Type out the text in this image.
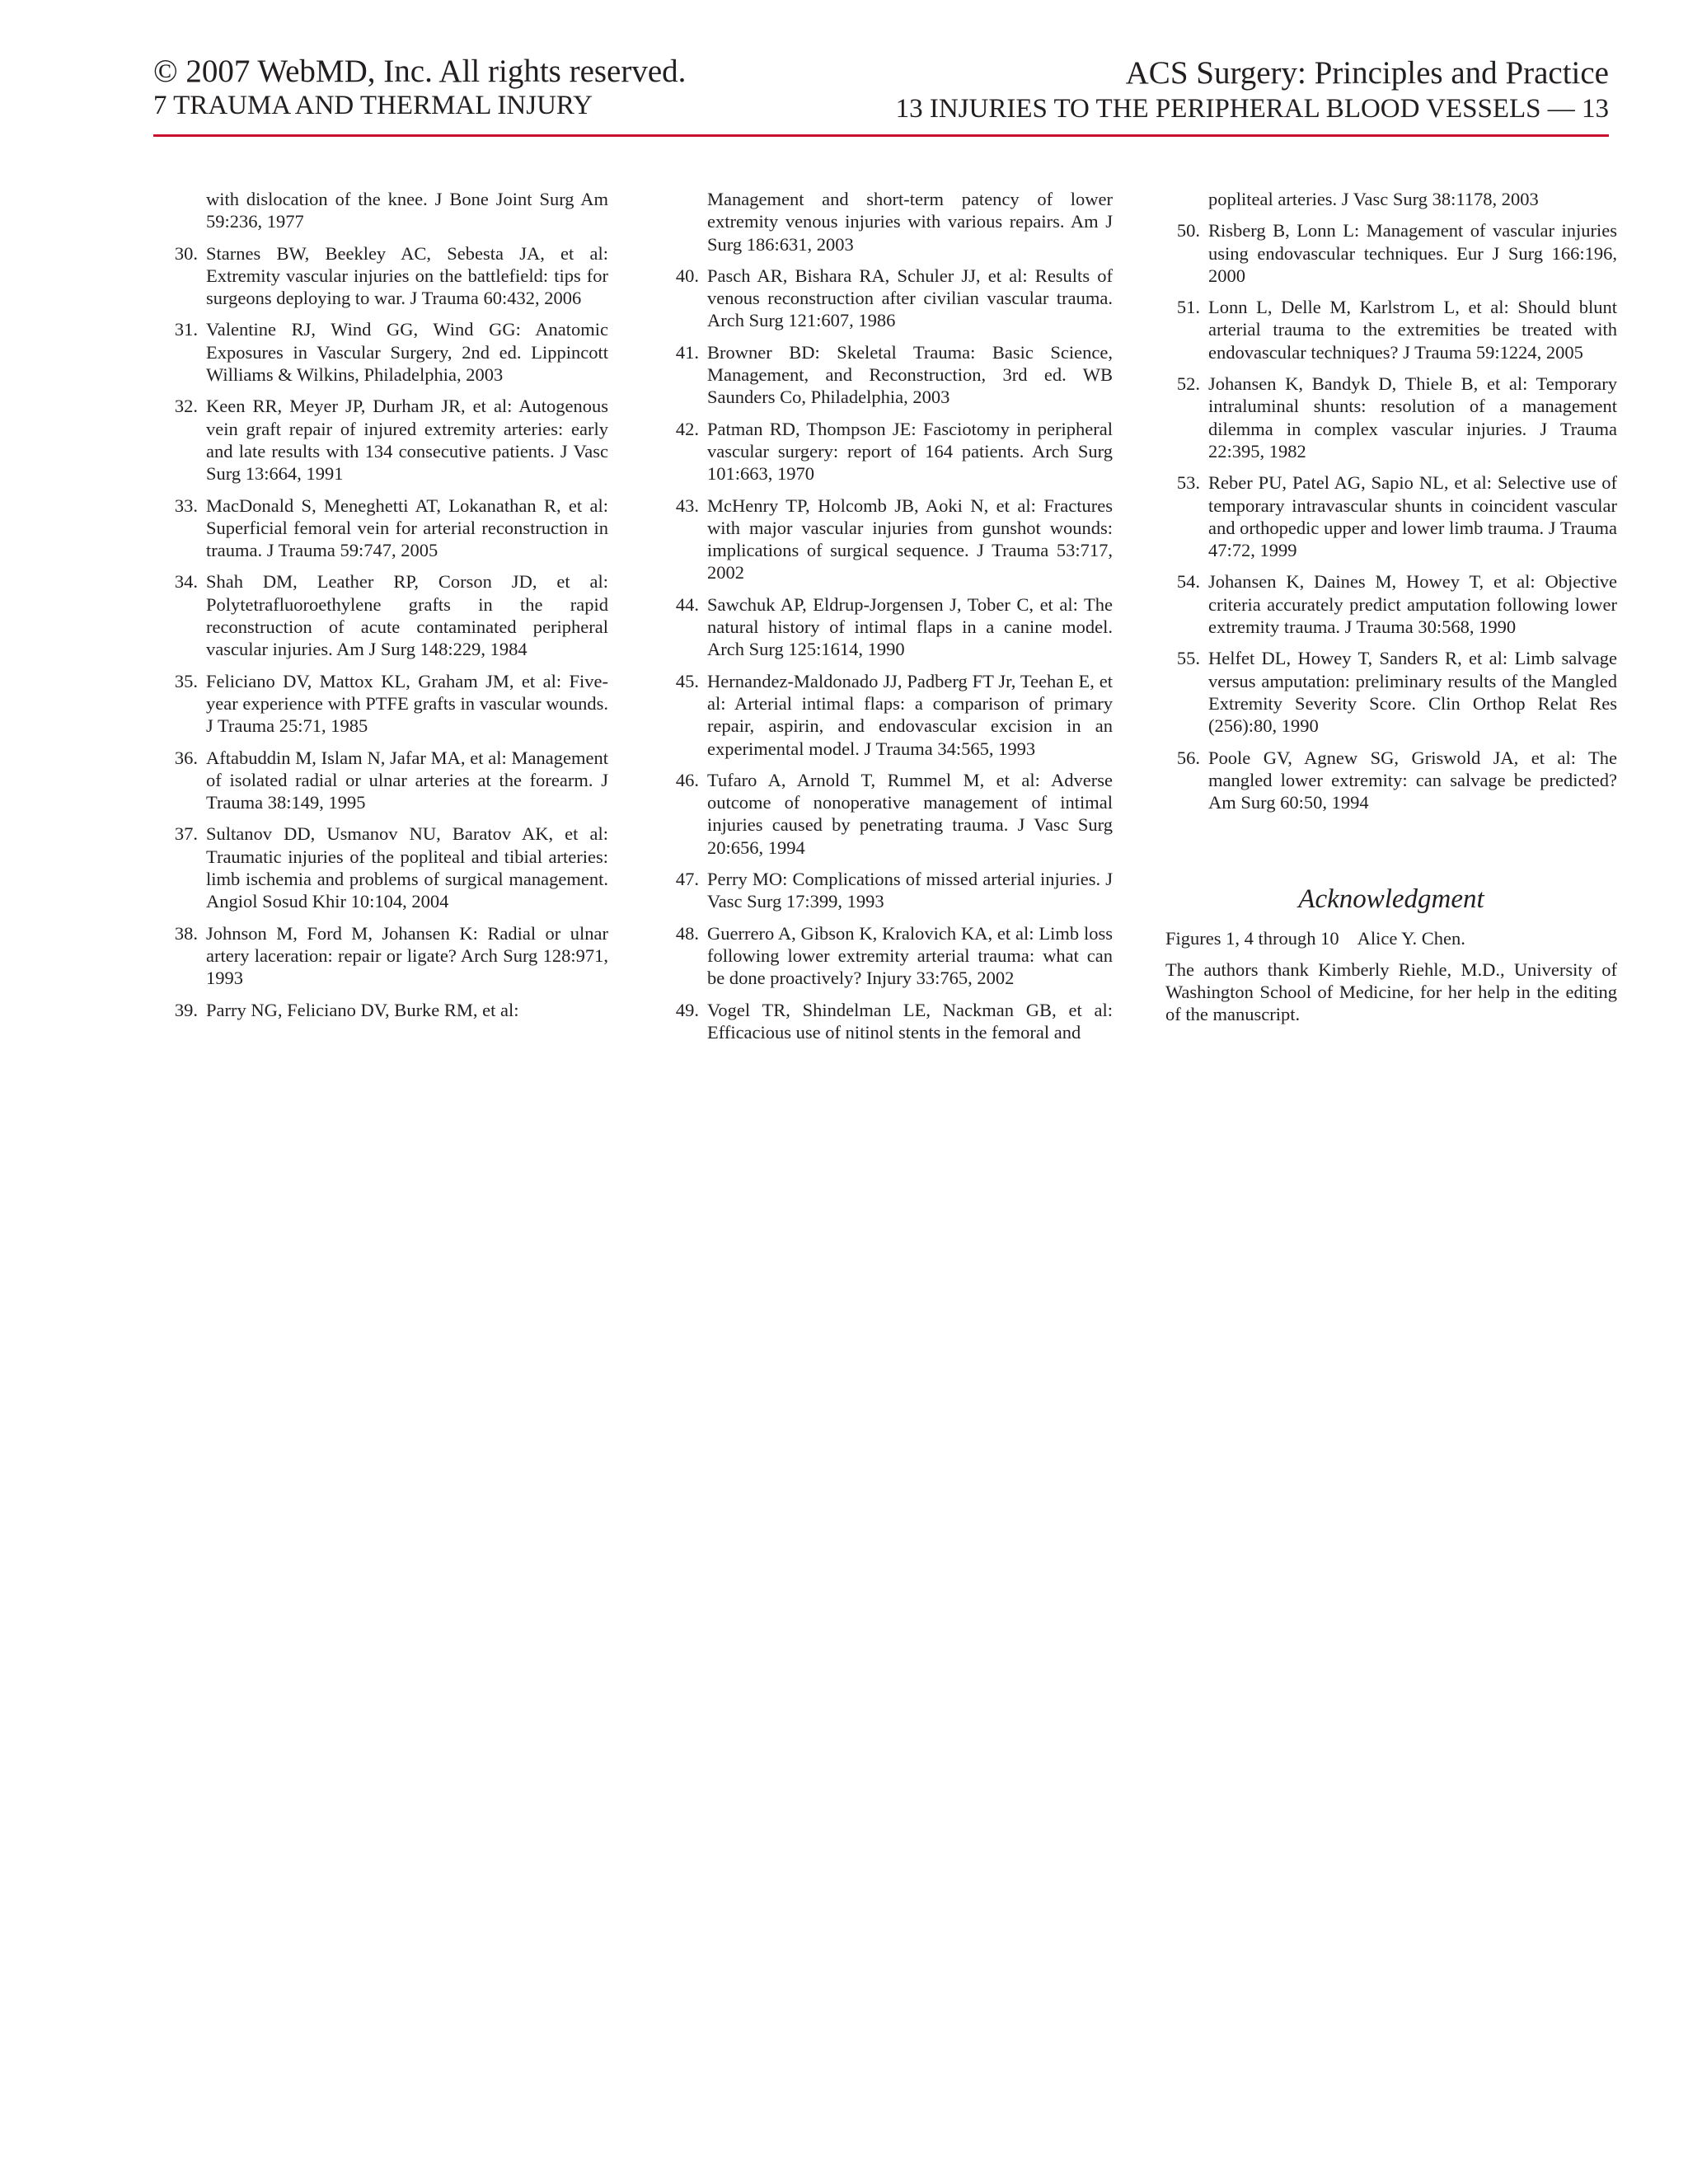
© 2007 WebMD, Inc. All rights reserved.
7 TRAUMA AND THERMAL INJURY
ACS Surgery: Principles and Practice
13 INJURIES TO THE PERIPHERAL BLOOD VESSELS — 13
with dislocation of the knee. J Bone Joint Surg Am 59:236, 1977
30. Starnes BW, Beekley AC, Sebesta JA, et al: Extremity vascular injuries on the battlefield: tips for surgeons deploying to war. J Trauma 60:432, 2006
31. Valentine RJ, Wind GG, Wind GG: Anatomic Exposures in Vascular Surgery, 2nd ed. Lippincott Williams & Wilkins, Philadelphia, 2003
32. Keen RR, Meyer JP, Durham JR, et al: Autogenous vein graft repair of injured extremity arteries: early and late results with 134 consecutive patients. J Vasc Surg 13:664, 1991
33. MacDonald S, Meneghetti AT, Lokanathan R, et al: Superficial femoral vein for arterial reconstruction in trauma. J Trauma 59:747, 2005
34. Shah DM, Leather RP, Corson JD, et al: Polytetrafluoroethylene grafts in the rapid reconstruction of acute contaminated peripheral vascular injuries. Am J Surg 148:229, 1984
35. Feliciano DV, Mattox KL, Graham JM, et al: Five-year experience with PTFE grafts in vascular wounds. J Trauma 25:71, 1985
36. Aftabuddin M, Islam N, Jafar MA, et al: Management of isolated radial or ulnar arteries at the forearm. J Trauma 38:149, 1995
37. Sultanov DD, Usmanov NU, Baratov AK, et al: Traumatic injuries of the popliteal and tibial arteries: limb ischemia and problems of surgical management. Angiol Sosud Khir 10:104, 2004
38. Johnson M, Ford M, Johansen K: Radial or ulnar artery laceration: repair or ligate? Arch Surg 128:971, 1993
39. Parry NG, Feliciano DV, Burke RM, et al:
Management and short-term patency of lower extremity venous injuries with various repairs. Am J Surg 186:631, 2003
40. Pasch AR, Bishara RA, Schuler JJ, et al: Results of venous reconstruction after civilian vascular trauma. Arch Surg 121:607, 1986
41. Browner BD: Skeletal Trauma: Basic Science, Management, and Reconstruction, 3rd ed. WB Saunders Co, Philadelphia, 2003
42. Patman RD, Thompson JE: Fasciotomy in peripheral vascular surgery: report of 164 patients. Arch Surg 101:663, 1970
43. McHenry TP, Holcomb JB, Aoki N, et al: Fractures with major vascular injuries from gunshot wounds: implications of surgical sequence. J Trauma 53:717, 2002
44. Sawchuk AP, Eldrup-Jorgensen J, Tober C, et al: The natural history of intimal flaps in a canine model. Arch Surg 125:1614, 1990
45. Hernandez-Maldonado JJ, Padberg FT Jr, Teehan E, et al: Arterial intimal flaps: a comparison of primary repair, aspirin, and endovascular excision in an experimental model. J Trauma 34:565, 1993
46. Tufaro A, Arnold T, Rummel M, et al: Adverse outcome of nonoperative management of intimal injuries caused by penetrating trauma. J Vasc Surg 20:656, 1994
47. Perry MO: Complications of missed arterial injuries. J Vasc Surg 17:399, 1993
48. Guerrero A, Gibson K, Kralovich KA, et al: Limb loss following lower extremity arterial trauma: what can be done proactively? Injury 33:765, 2002
49. Vogel TR, Shindelman LE, Nackman GB, et al: Efficacious use of nitinol stents in the femoral and
popliteal arteries. J Vasc Surg 38:1178, 2003
50. Risberg B, Lonn L: Management of vascular injuries using endovascular techniques. Eur J Surg 166:196, 2000
51. Lonn L, Delle M, Karlstrom L, et al: Should blunt arterial trauma to the extremities be treated with endovascular techniques? J Trauma 59:1224, 2005
52. Johansen K, Bandyk D, Thiele B, et al: Temporary intraluminal shunts: resolution of a management dilemma in complex vascular injuries. J Trauma 22:395, 1982
53. Reber PU, Patel AG, Sapio NL, et al: Selective use of temporary intravascular shunts in coincident vascular and orthopedic upper and lower limb trauma. J Trauma 47:72, 1999
54. Johansen K, Daines M, Howey T, et al: Objective criteria accurately predict amputation following lower extremity trauma. J Trauma 30:568, 1990
55. Helfet DL, Howey T, Sanders R, et al: Limb salvage versus amputation: preliminary results of the Mangled Extremity Severity Score. Clin Orthop Relat Res (256):80, 1990
56. Poole GV, Agnew SG, Griswold JA, et al: The mangled lower extremity: can salvage be predicted? Am Surg 60:50, 1994
Acknowledgment

Figures 1, 4 through 10 Alice Y. Chen.

The authors thank Kimberly Riehle, M.D., University of Washington School of Medicine, for her help in the editing of the manuscript.
